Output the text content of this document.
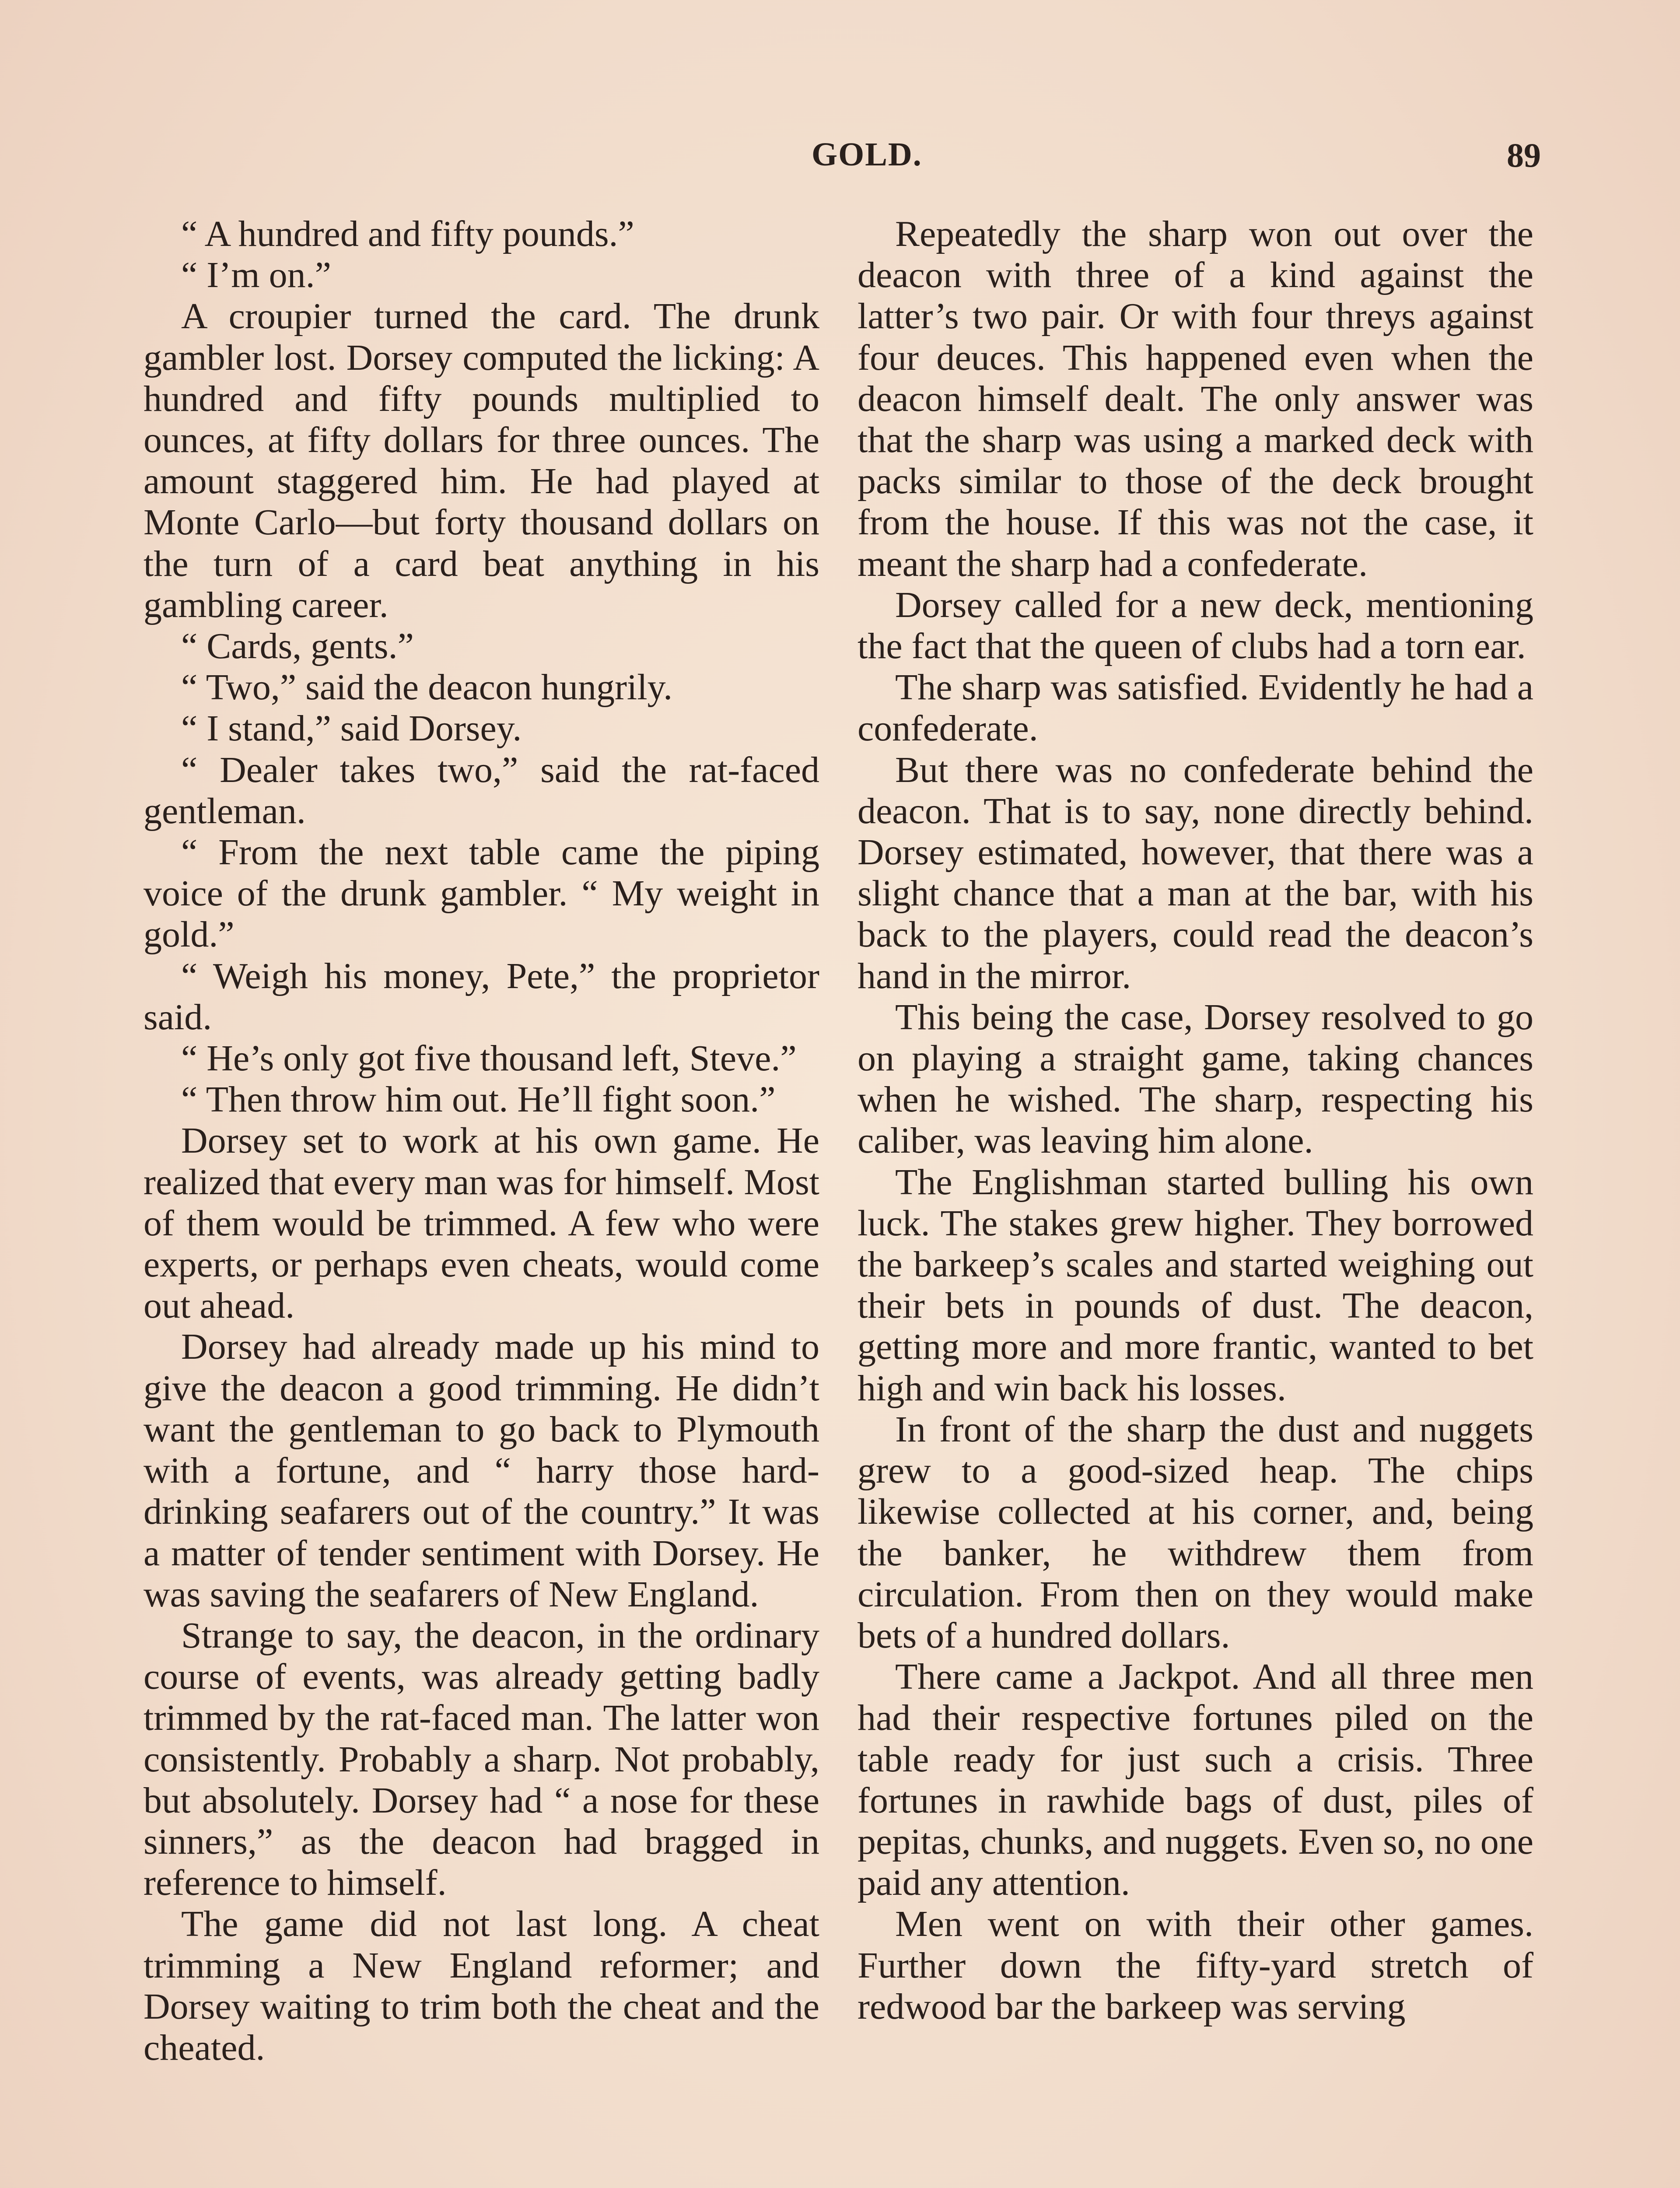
GOLD.	89

“ A hundred and fifty pounds.”

“ I’m on.”

A croupier turned the card. The drunk gambler lost. Dorsey computed the licking: A hundred and fifty pounds multiplied to ounces, at fifty dollars for three ounces. The amount staggered him. He had played at Monte Carlo—but forty thousand dollars on the turn of a card beat anything in his gambling career.

“ Cards, gents.”

“ Two,” said the deacon hungrily.

“ I stand,” said Dorsey.

“ Dealer takes two,” said the rat-faced gentleman.

“ From the next table came the piping voice of the drunk gambler. “ My weight in gold.”

“ Weigh his money, Pete,” the proprietor said.

“ He’s only got five thousand left, Steve.”

“ Then throw him out. He’ll fight soon.”

Dorsey set to work at his own game. He realized that every man was for himself. Most of them would be trimmed. A few who were experts, or perhaps even cheats, would come out ahead.

Dorsey had already made up his mind to give the deacon a good trimming. He didn’t want the gentleman to go back to Plymouth with a fortune, and “ harry those hard-drinking seafarers out of the country.” It was a matter of tender sentiment with Dorsey. He was saving the seafarers of New England.

Strange to say, the deacon, in the ordinary course of events, was already getting badly trimmed by the rat-faced man. The latter won consistently. Probably a sharp. Not probably, but absolutely. Dorsey had “ a nose for these sinners,” as the deacon had bragged in reference to himself.

The game did not last long. A cheat trimming a New England reformer; and Dorsey waiting to trim both the cheat and the cheated.

Repeatedly the sharp won out over the deacon with three of a kind against the latter’s two pair. Or with four threys against four deuces. This happened even when the deacon himself dealt. The only answer was that the sharp was using a marked deck with packs similar to those of the deck brought from the house. If this was not the case, it meant the sharp had a confederate.

Dorsey called for a new deck, mentioning the fact that the queen of clubs had a torn ear.

The sharp was satisfied. Evidently he had a confederate.

But there was no confederate behind the deacon. That is to say, none directly behind. Dorsey estimated, however, that there was a slight chance that a man at the bar, with his back to the players, could read the deacon’s hand in the mirror.

This being the case, Dorsey resolved to go on playing a straight game, taking chances when he wished. The sharp, respecting his caliber, was leaving him alone.

The Englishman started bulling his own luck. The stakes grew higher. They borrowed the barkeep’s scales and started weighing out their bets in pounds of dust. The deacon, getting more and more frantic, wanted to bet high and win back his losses.

In front of the sharp the dust and nuggets grew to a good-sized heap. The chips likewise collected at his corner, and, being the banker, he withdrew them from circulation. From then on they would make bets of a hundred dollars.

There came a Jackpot. And all three men had their respective fortunes piled on the table ready for just such a crisis. Three fortunes in rawhide bags of dust, piles of pepitas, chunks, and nuggets. Even so, no one paid any attention.

Men went on with their other games. Further down the fifty-yard stretch of redwood bar the barkeep was serving
